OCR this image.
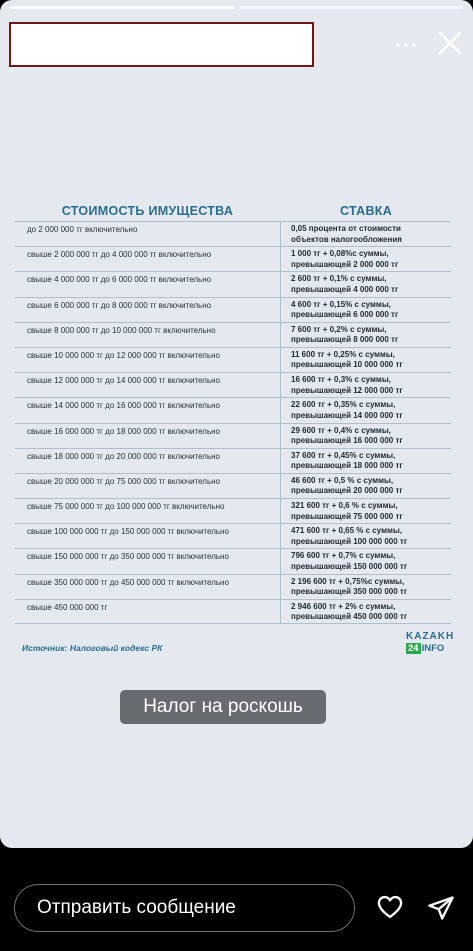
СТОИМОСТЬ ИМУЩЕСТВА	СТАВКА
до 2 000 000 тг включительно	0,05 процента от стоимости
объектов налогообложения
свыше 2 000 000 тг до 4 000 000 тг включительно	1 000 тг + 0,08%с суммы,
превышающей 2 000 000 тг
свыше 4 000 000 тг до 6 000 000 тг включительно	2 600 тг + 0,1% с суммы,
превышающей 4 000 000 тг
свыше 6 000 000 тг до 8 000 000 тг включительно	4 600 тг + 0,15% с суммы,
превышающей 6 000 000 тг
свыше 8 000 000 тг до 10 000 000 тг включительно	7 600 тг + 0,2% с суммы,
превышающей 8 000 000 тг
свыше 10 000 000 тг до 12 000 000 тг включительно	11 600 тг + 0,25% с суммы,
превышающей 10 000 000 тг
свыше 12 000 000 тг до 14 000 000 тг включительно	16 600 тг + 0,3% с суммы,
превышающей 12 000 000 тг
свыше 14 000 000 тг до 16 000 000 тг включительно	22 600 тг + 0,35% с суммы,
превышающей 14 000 000 тг
свыше 16 000 000 тг до 18 000 000 тг включительно	29 600 тг + 0,4% с суммы,
превышающей 16 000 000 тг
свыше 18 000 000 тг до 20 000 000 тг включительно	37 600 тг + 0,45% с суммы,
превышающей 18 000 000 тг
свыше 20 000 000 тг до 75 000 000 тг включительно	46 600 тг + 0,5 % с суммы,
превышающей 20 000 000 тг
свыше 75 000 000 тг до 100 000 000 тг включительно	321 600 тг + 0,6 % с суммы,
превышающей 75 000 000 тг
свыше 100 000 000 тг до 150 000 000 тг включительно	471 600 тг + 0,65 % с суммы,
превышающей 100 000 000 тг
свыше 150 000 000 тг до 350 000 000 тг включительно	796 600 тг + 0,7% с суммы,
превышающей 150 000 000 тг
свыше 350 000 000 тг до 450 000 000 тг включительно	2 196 600 тг + 0,75%с суммы,
превышающей 350 000 000 тг
свыше 450 000 000 тг	2 946 600 тг + 2% с суммы,
превышающей 450 000 000 тг
Источник: Налоговый кодекс РК
KAZAKH
24 INFO
Налог на роскошь
Отправить сообщение
